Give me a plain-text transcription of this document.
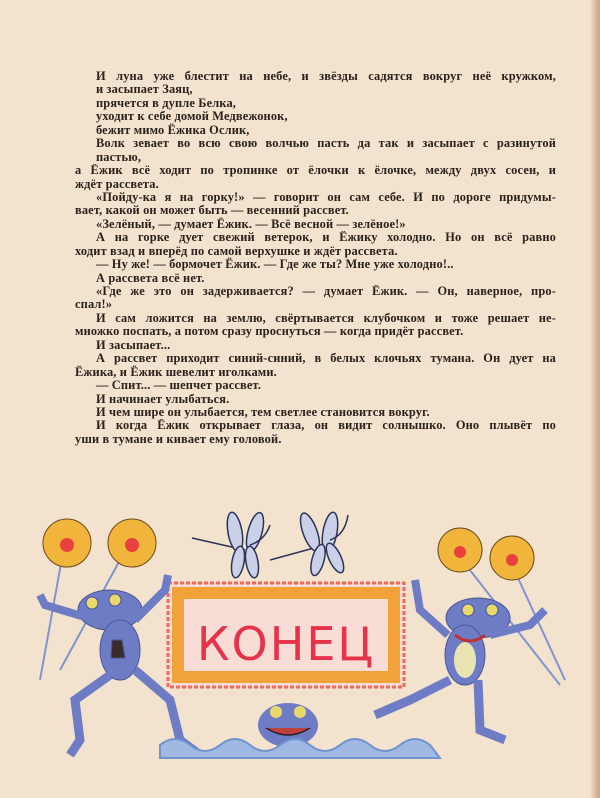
И луна уже блестит на небе, и звёзды садятся вокруг неё кружком,
и засыпает Заяц,
прячется в дупле Белка,
уходит к себе домой Медвежонок,
бежит мимо Ёжика Ослик,
Волк зевает во всю свою волчью пасть да так и засыпает с разинутой
пастью,
а Ёжик всё ходит по тропинке от ёлочки к ёлочке, между двух сосен, и
ждёт рассвета.
«Пойду-ка я на горку!» — говорит он сам себе. И по дороге придумы-
вает, какой он может быть — весенний рассвет.
«Зелёный, — думает Ёжик. — Всё весной — зелёное!»
А на горке дует свежий ветерок, и Ёжику холодно. Но он всё равно
ходит взад и вперёд по самой верхушке и ждёт рассвета.
— Ну же! — бормочет Ёжик. — Где же ты? Мне уже холодно!..
А рассвета всё нет.
«Где же это он задерживается? — думает Ёжик. — Он, наверное, про-
спал!»
И сам ложится на землю, свёртывается клубочком и тоже решает не-
множко поспать, а потом сразу проснуться — когда придёт рассвет.
И засыпает...
А рассвет приходит синий-синий, в белых клочьях тумана. Он дует на
Ёжика, и Ёжик шевелит иголками.
— Спит... — шепчет рассвет.
И начинает улыбаться.
И чем шире он улыбается, тем светлее становится вокруг.
И когда Ёжик открывает глаза, он видит солнышко. Оно плывёт по
уши в тумане и кивает ему головой.
КОНЕЦ
